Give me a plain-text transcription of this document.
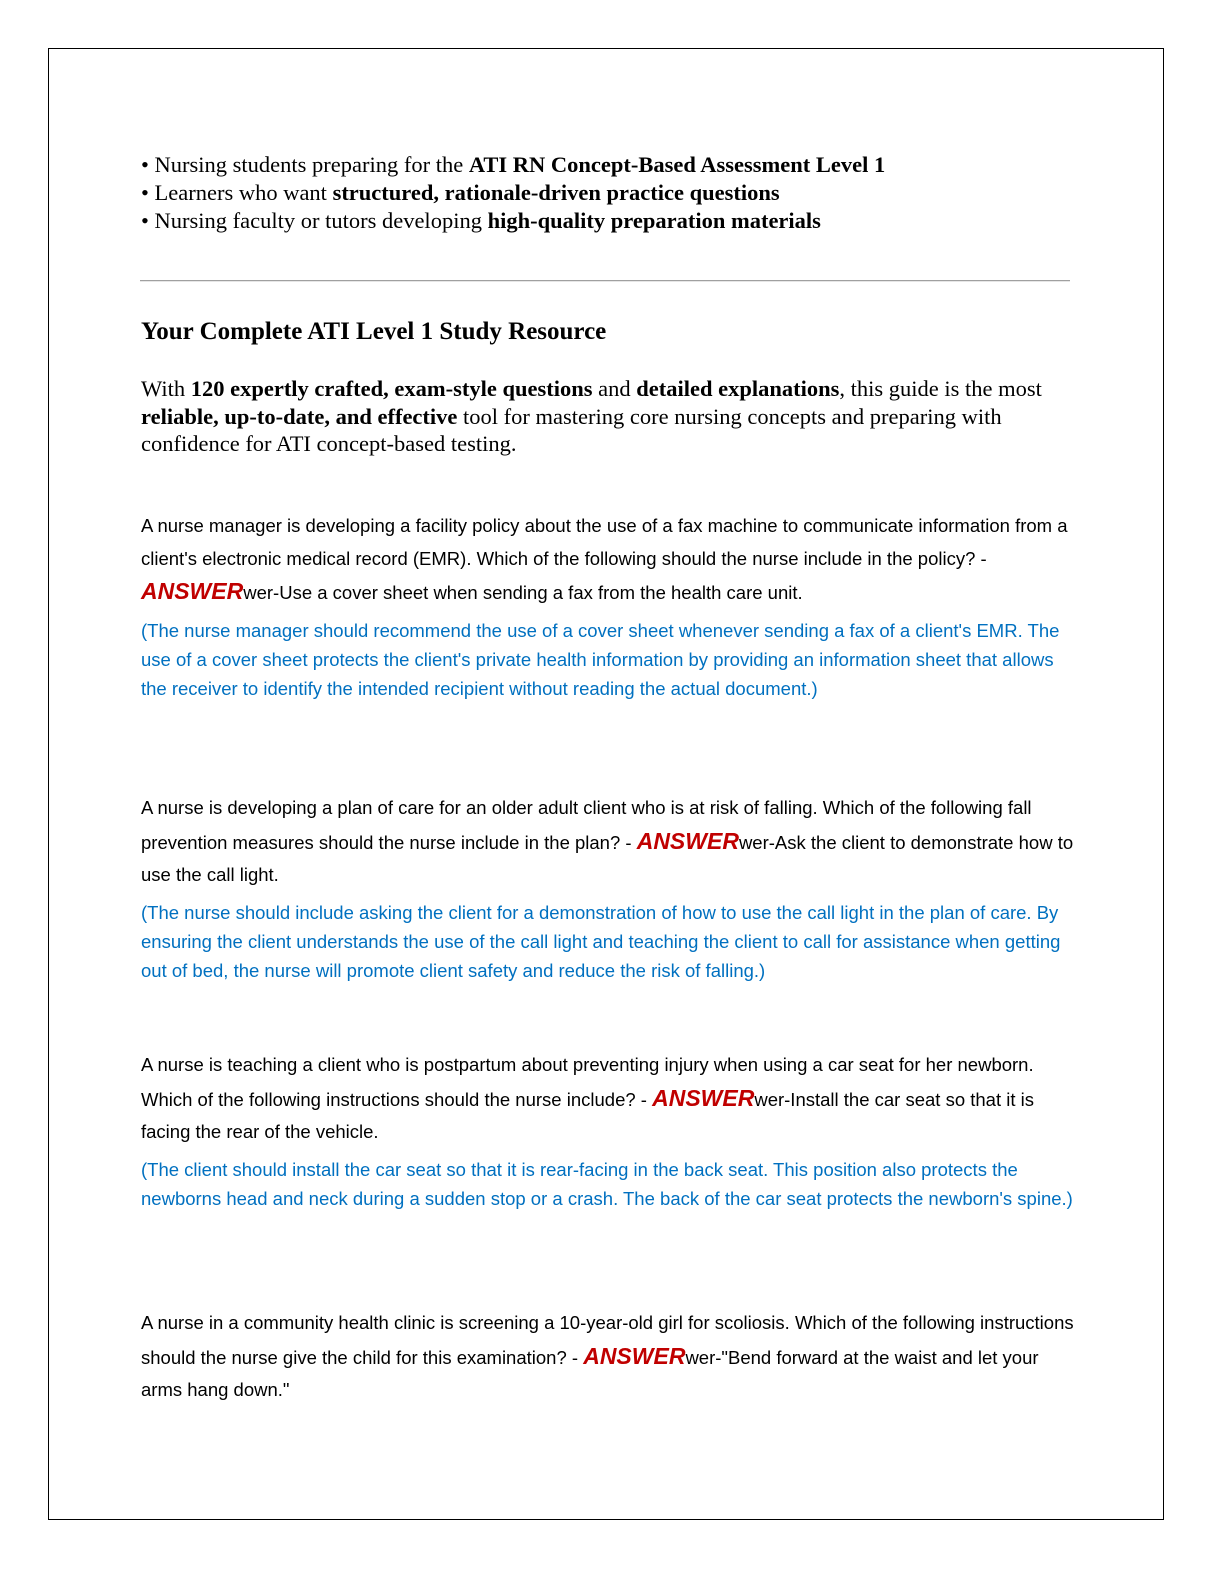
• Nursing students preparing for the ATI RN Concept-Based Assessment Level 1
• Learners who want structured, rationale-driven practice questions
• Nursing faculty or tutors developing high-quality preparation materials
Your Complete ATI Level 1 Study Resource

With 120 expertly crafted, exam-style questions and detailed explanations, this guide is the most reliable, up-to-date, and effective tool for mastering core nursing concepts and preparing with confidence for ATI concept-based testing.

A nurse manager is developing a facility policy about the use of a fax machine to communicate information from a client's electronic medical record (EMR). Which of the following should the nurse include in the policy? - ANSWERwer-Use a cover sheet when sending a fax from the health care unit.

(The nurse manager should recommend the use of a cover sheet whenever sending a fax of a client's EMR. The use of a cover sheet protects the client's private health information by providing an information sheet that allows the receiver to identify the intended recipient without reading the actual document.)

A nurse is developing a plan of care for an older adult client who is at risk of falling. Which of the following fall prevention measures should the nurse include in the plan? - ANSWERwer-Ask the client to demonstrate how to use the call light.

(The nurse should include asking the client for a demonstration of how to use the call light in the plan of care. By ensuring the client understands the use of the call light and teaching the client to call for assistance when getting out of bed, the nurse will promote client safety and reduce the risk of falling.)

A nurse is teaching a client who is postpartum about preventing injury when using a car seat for her newborn. Which of the following instructions should the nurse include? - ANSWERwer-Install the car seat so that it is facing the rear of the vehicle.

(The client should install the car seat so that it is rear-facing in the back seat. This position also protects the newborns head and neck during a sudden stop or a crash. The back of the car seat protects the newborn's spine.)

A nurse in a community health clinic is screening a 10-year-old girl for scoliosis. Which of the following instructions should the nurse give the child for this examination? - ANSWERwer-"Bend forward at the waist and let your arms hang down."
